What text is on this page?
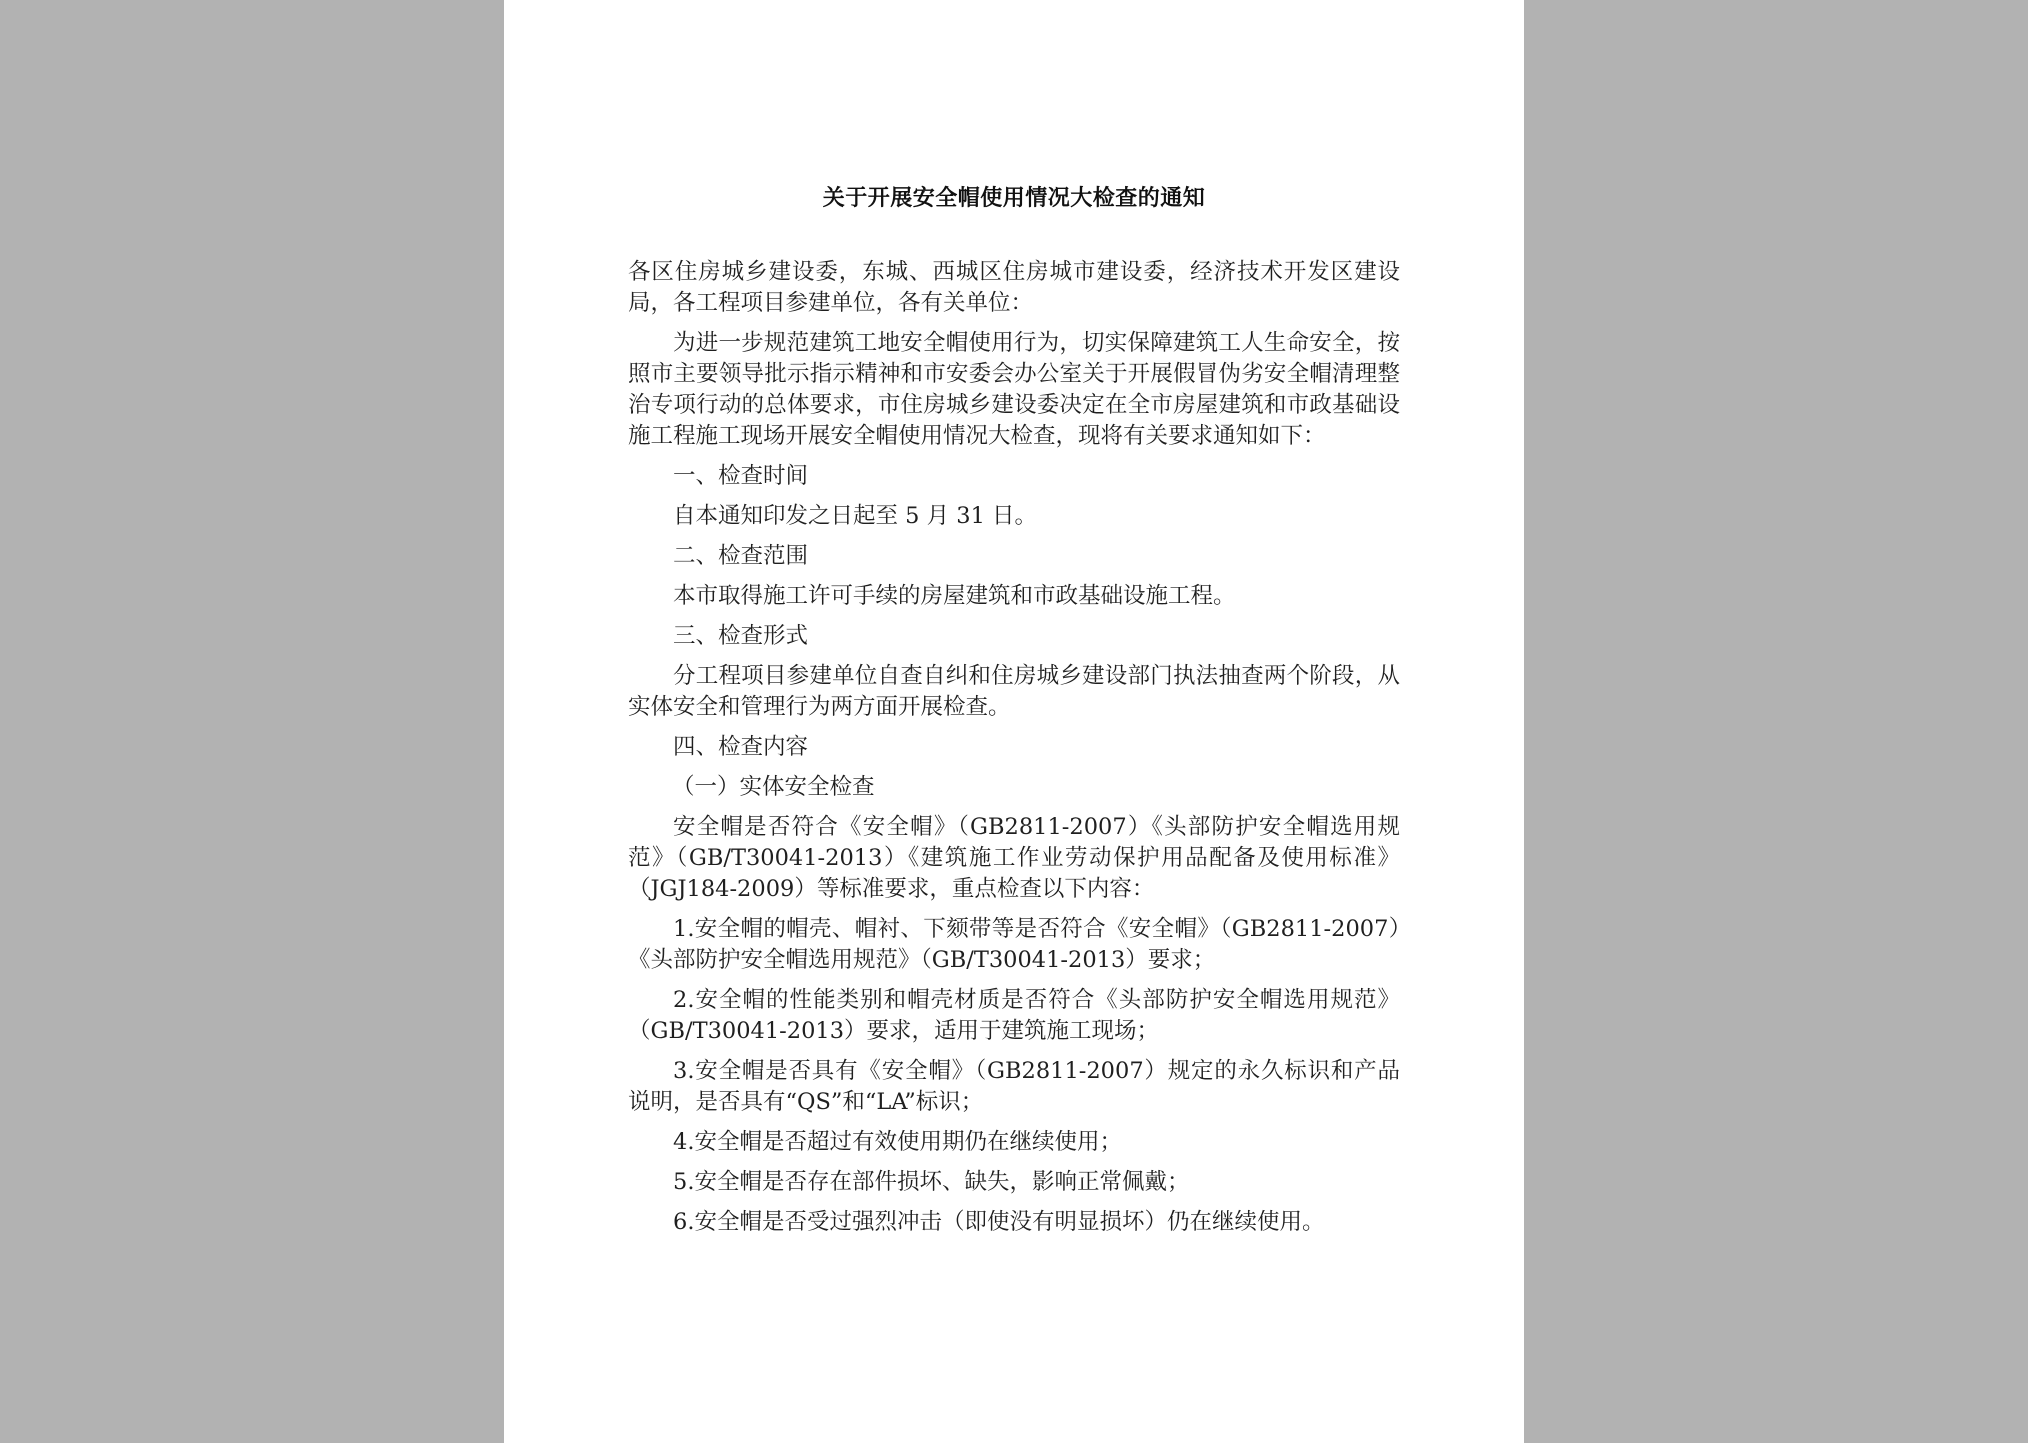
关于开展安全帽使用情况大检查的通知

各区住房城乡建设委，东城、西城区住房城市建设委，经济技术开发区建设局，各工程项目参建单位，各有关单位：

为进一步规范建筑工地安全帽使用行为，切实保障建筑工人生命安全，按照市主要领导批示指示精神和市安委会办公室关于开展假冒伪劣安全帽清理整治专项行动的总体要求，市住房城乡建设委决定在全市房屋建筑和市政基础设施工程施工现场开展安全帽使用情况大检查，现将有关要求通知如下：

一、检查时间

自本通知印发之日起至 5 月 31 日。

二、检查范围

本市取得施工许可手续的房屋建筑和市政基础设施工程。

三、检查形式

分工程项目参建单位自查自纠和住房城乡建设部门执法抽查两个阶段，从实体安全和管理行为两方面开展检查。

四、检查内容

（一）实体安全检查

安全帽是否符合《安全帽》（GB2811-2007）《头部防护安全帽选用规范》（GB/T30041-2013）《建筑施工作业劳动保护用品配备及使用标准》（JGJ184-2009）等标准要求，重点检查以下内容：

1.安全帽的帽壳、帽衬、下颏带等是否符合《安全帽》（GB2811-2007）《头部防护安全帽选用规范》（GB/T30041-2013）要求；

2.安全帽的性能类别和帽壳材质是否符合《头部防护安全帽选用规范》（GB/T30041-2013）要求，适用于建筑施工现场；

3.安全帽是否具有《安全帽》（GB2811-2007）规定的永久标识和产品说明，是否具有“QS”和“LA”标识；

4.安全帽是否超过有效使用期仍在继续使用；

5.安全帽是否存在部件损坏、缺失，影响正常佩戴；

6.安全帽是否受过强烈冲击（即使没有明显损坏）仍在继续使用。
